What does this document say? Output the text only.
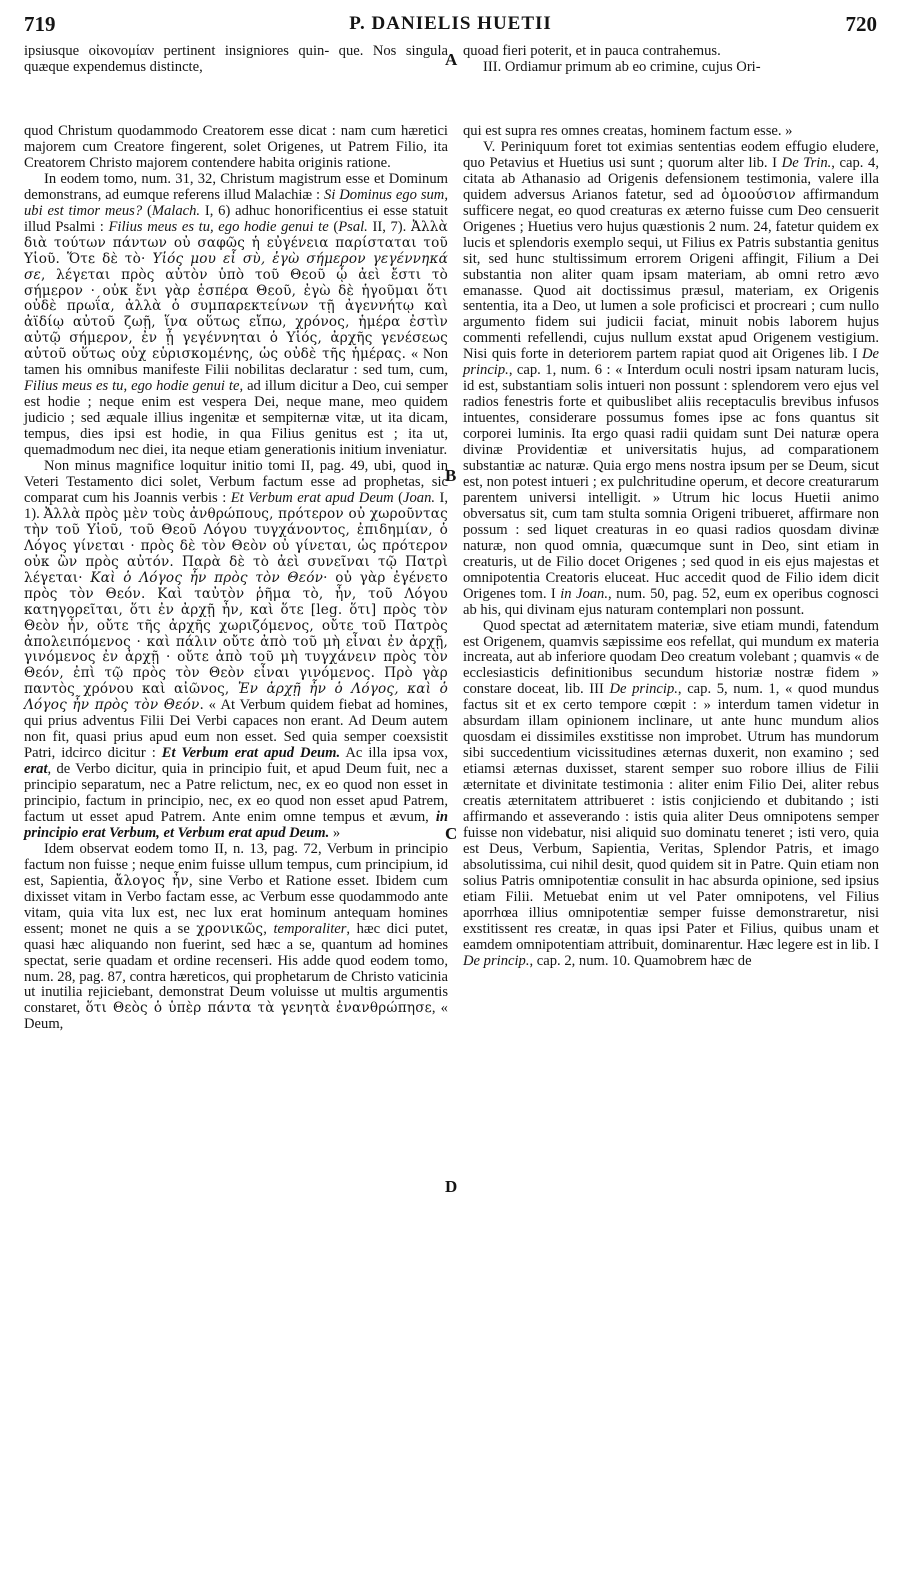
719	P. DANIELIS HUETII	720

ipsiusque οἰκονομίαν pertinent insigniores quin- que. Nos singula quæque expendemus distincte,

quoad fieri poterit, et in pauca contrahemus.

III. Ordiamur primum ab eo crimine, cujus Ori-

A
B
C
D

quod Christum quodammodo Creatorem esse dicat : nam cum hæretici majorem cum Creatore fingerent, solet Origenes, ut Patrem Filio, ita Creatorem Christo majorem contendere habita originis ratione.

In eodem tomo, num. 31, 32, Christum magistrum esse et Dominum demonstrans, ad eumque referens illud Malachiæ : Si Dominus ego sum, ubi est timor meus? (Malach. I, 6) adhuc honorificentius ei esse statuit illud Psalmi : Filius meus es tu, ego hodie genui te (Psal. II, 7). Ἀλλὰ διὰ τούτων πάντων οὐ σαφῶς ἡ εὐγένεια παρίσταται τοῦ Υἱοῦ. Ὅτε δὲ τὸ· Υἱός μου εἶ σὺ, ἐγὼ σήμερον γεγέννηκά σε, λέγεται πρὸς αὐτὸν ὑπὸ τοῦ Θεοῦ ᾧ ἀεὶ ἔστι τὸ σήμερον · οὐκ ἔνι γὰρ ἑσπέρα Θεοῦ, ἐγὼ δὲ ἡγοῦμαι ὅτι οὐδὲ πρωΐα, ἀλλὰ ὁ συμπαρεκτείνων τῇ ἀγεννήτῳ καὶ ἀϊδίῳ αὐτοῦ ζωῇ, ἵνα οὕτως εἴπω, χρόνος, ἡμέρα ἐστὶν αὐτῷ σήμερον, ἐν ᾗ γεγέννηται ὁ Υἱός, ἀρχῆς γενέσεως αὐτοῦ οὕτως οὐχ εὑρισκομένης, ὡς οὐδὲ τῆς ἡμέρας. « Non tamen his omnibus manifeste Filii nobilitas declaratur : sed tum, cum, Filius meus es tu, ego hodie genui te, ad illum dicitur a Deo, cui semper est hodie ; neque enim est vespera Dei, neque mane, meo quidem judicio ; sed æquale illius ingenitæ et sempiternæ vitæ, ut ita dicam, tempus, dies ipsi est hodie, in qua Filius genitus est ; ita ut, quemadmodum nec diei, ita neque etiam generationis initium inveniatur.

Non minus magnifice loquitur initio tomi II, pag. 49, ubi, quod in Veteri Testamento dici solet, Verbum factum esse ad prophetas, sic comparat cum his Joannis verbis : Et Verbum erat apud Deum (Joan. I, 1). Ἀλλὰ πρὸς μὲν τοὺς ἀνθρώπους, πρότερον οὐ χωροῦντας τὴν τοῦ Υἱοῦ, τοῦ Θεοῦ Λόγου τυγχάνοντος, ἐπιδημίαν, ὁ Λόγος γίνεται · πρὸς δὲ τὸν Θεὸν οὐ γίνεται, ὡς πρότερον οὐκ ὢν πρὸς αὐτόν. Παρὰ δὲ τὸ ἀεὶ συνεῖναι τῷ Πατρὶ λέγεται· Καὶ ὁ Λόγος ἦν πρὸς τὸν Θεόν· οὐ γὰρ ἐγένετο πρὸς τὸν Θεόν. Καὶ ταὐτὸν ῥῆμα τὸ, ἦν, τοῦ Λόγου κατηγορεῖται, ὅτι ἐν ἀρχῇ ἦν, καὶ ὅτε [leg. ὅτι] πρὸς τὸν Θεὸν ἦν, οὔτε τῆς ἀρχῆς χωριζόμενος, οὔτε τοῦ Πατρὸς ἀπολειπόμενος · καὶ πάλιν οὔτε ἀπὸ τοῦ μὴ εἶναι ἐν ἀρχῇ, γινόμενος ἐν ἀρχῇ · οὔτε ἀπὸ τοῦ μὴ τυγχάνειν πρὸς τὸν Θεόν, ἐπὶ τῷ πρὸς τὸν Θεὸν εἶναι γινόμενος. Πρὸ γὰρ παντὸς χρόνου καὶ αἰῶνος, Ἐν ἀρχῇ ἦν ὁ Λόγος, καὶ ὁ Λόγος ἦν πρὸς τὸν Θεόν. « At Verbum quidem fiebat ad homines, qui prius adventus Filii Dei Verbi capaces non erant. Ad Deum autem non fit, quasi prius apud eum non esset. Sed quia semper coexsistit Patri, idcirco dicitur : Et Verbum erat apud Deum. Ac illa ipsa vox, erat, de Verbo dicitur, quia in principio fuit, et apud Deum fuit, nec a principio separatum, nec a Patre relictum, nec, ex eo quod non esset in principio, factum in principio, nec, ex eo quod non esset apud Patrem, factum ut esset apud Patrem. Ante enim omne tempus et ævum, in principio erat Verbum, et Verbum erat apud Deum. »

Idem observat eodem tomo II, n. 13, pag. 72, Verbum in principio factum non fuisse ; neque enim fuisse ullum tempus, cum principium, id est, Sapientia, ἄλογος ἦν, sine Verbo et Ratione esset. Ibidem cum dixisset vitam in Verbo factam esse, ac Verbum esse quodammodo ante vitam, quia vita lux est, nec lux erat hominum antequam homines essent; monet ne quis a se χρονικῶς, temporaliter, hæc dici putet, quasi hæc aliquando non fuerint, sed hæc a se, quantum ad homines spectat, serie quadam et ordine recenseri. His adde quod eodem tomo, num. 28, pag. 87, contra hæreticos, qui prophetarum de Christo vaticinia ut inutilia rejiciebant, demonstrat Deum voluisse ut multis argumentis constaret, ὅτι Θεὸς ὁ ὑπὲρ πάντα τὰ γενητὰ ἐνανθρώπησε, « Deum,

qui est supra res omnes creatas, hominem factum esse. »

V. Periniquum foret tot eximias sententias eodem effugio eludere, quo Petavius et Huetius usi sunt ; quorum alter lib. I De Trin., cap. 4, citata ab Athanasio ad Origenis defensionem testimonia, valere illa quidem adversus Arianos fatetur, sed ad ὁμοούσιον affirmandum sufficere negat, eo quod creaturas ex æterno fuisse cum Deo censuerit Origenes ; Huetius vero hujus quæstionis 2 num. 24, fatetur quidem ex lucis et splendoris exemplo sequi, ut Filius ex Patris substantia genitus sit, sed hunc stultissimum errorem Origeni affingit, Filium a Dei substantia non aliter quam ipsam materiam, ab omni retro ævo emanasse. Quod ait doctissimus præsul, materiam, ex Origenis sententia, ita a Deo, ut lumen a sole proficisci et procreari ; cum nullo argumento fidem sui judicii faciat, minuit nobis laborem hujus commenti refellendi, cujus nullum exstat apud Origenem vestigium. Nisi quis forte in deteriorem partem rapiat quod ait Origenes lib. I De princip., cap. 1, num. 6 : « Interdum oculi nostri ipsam naturam lucis, id est, substantiam solis intueri non possunt : splendorem vero ejus vel radios fenestris forte et quibuslibet aliis receptaculis brevibus infusos intuentes, considerare possumus fomes ipse ac fons quantus sit corporei luminis. Ita ergo quasi radii quidam sunt Dei naturæ opera divinæ Providentiæ et universitatis hujus, ad comparationem substantiæ ac naturæ. Quia ergo mens nostra ipsum per se Deum, sicut est, non potest intueri ; ex pulchritudine operum, et decore creaturarum parentem universi intelligit. » Utrum hic locus Huetii animo obversatus sit, cum tam stulta somnia Origeni tribueret, affirmare non possum : sed liquet creaturas in eo quasi radios quosdam divinæ naturæ, non quod omnia, quæcumque sunt in Deo, sint etiam in creaturis, ut de Filio docet Origenes ; sed quod in eis ejus majestas et omnipotentia Creatoris eluceat. Huc accedit quod de Filio idem dicit Origenes tom. I in Joan., num. 50, pag. 52, eum ex operibus cognosci ab his, qui divinam ejus naturam contemplari non possunt.

Quod spectat ad æternitatem materiæ, sive etiam mundi, fatendum est Origenem, quamvis sæpissime eos refellat, qui mundum ex materia increata, aut ab inferiore quodam Deo creatum volebant ; quamvis « de ecclesiasticis definitionibus secundum historiæ nostræ fidem » constare doceat, lib. III De princip., cap. 5, num. 1, « quod mundus factus sit et ex certo tempore cœpit : » interdum tamen videtur in absurdam illam opinionem inclinare, ut ante hunc mundum alios quosdam ei dissimiles exstitisse non improbet. Utrum has mundorum sibi succedentium vicissitudines æternas duxerit, non examino ; sed etiamsi æternas duxisset, starent semper suo robore illius de Filii æternitate et divinitate testimonia : aliter enim Filio Dei, aliter rebus creatis æternitatem attribueret : istis conjiciendo et dubitando ; isti affirmando et asseverando : istis quia aliter Deus omnipotens semper fuisse non videbatur, nisi aliquid suo dominatu teneret ; isti vero, quia est Deus, Verbum, Sapientia, Veritas, Splendor Patris, et imago absolutissima, cui nihil desit, quod quidem sit in Patre. Quin etiam non solius Patris omnipotentiæ consulit in hac absurda opinione, sed ipsius etiam Filii. Metuebat enim ut vel Pater omnipotens, vel Filius aporrhœa illius omnipotentiæ semper fuisse demonstraretur, nisi exstitissent res creatæ, in quas ipsi Pater et Filius, quibus unam et eamdem omnipotentiam attribuit, dominarentur. Hæc legere est in lib. I De princip., cap. 2, num. 10. Quamobrem hæc de
